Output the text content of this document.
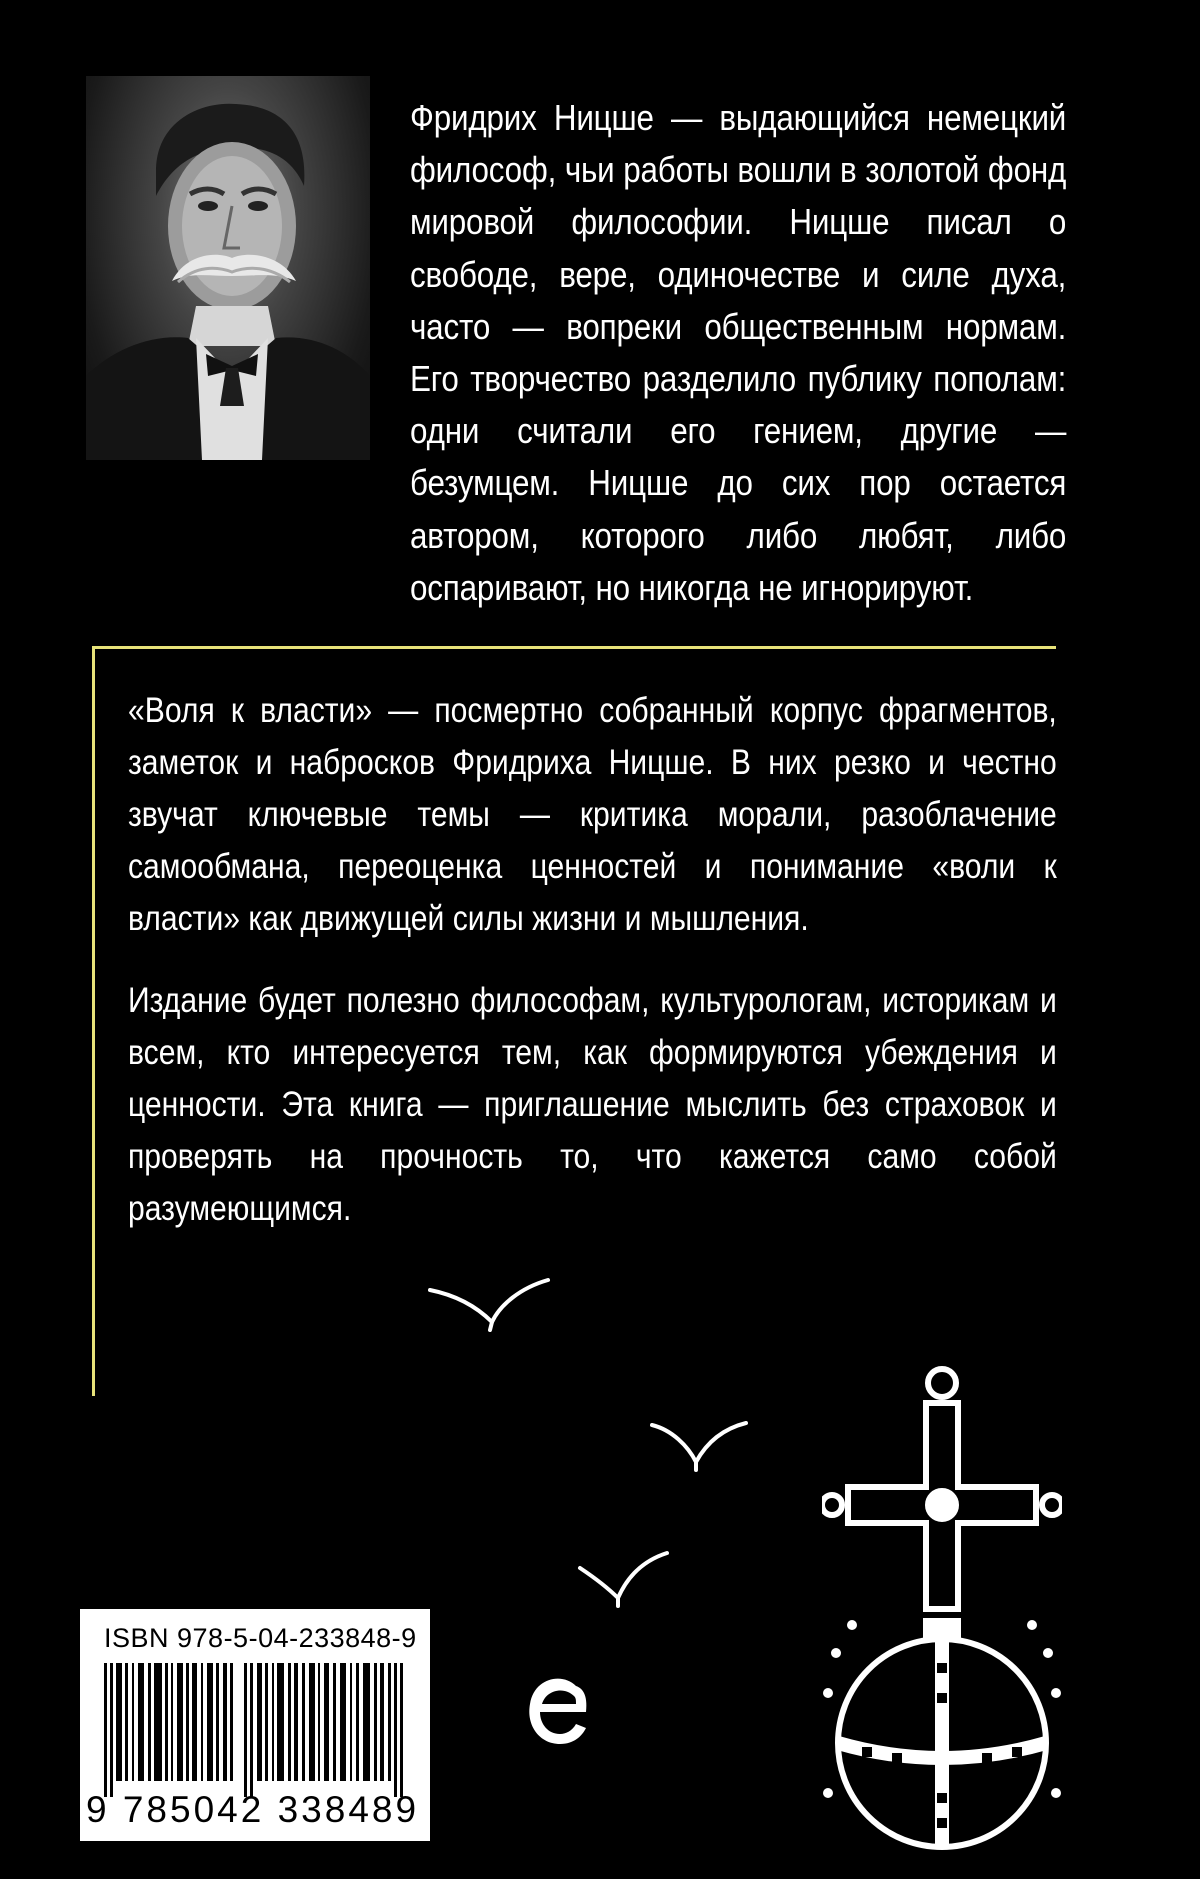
Фридрих Ницше — выдающийся немецкий философ, чьи работы вошли в золотой фонд мировой философии. Ницше писал о свободе, вере, одиночестве и силе духа, часто — вопреки общественным нормам. Его творчество разделило публику пополам: одни считали его гением, другие — безумцем. Ницше до сих пор остается автором, которого либо любят, либо оспаривают, но никогда не игнорируют.

«Воля к власти» — посмертно собранный корпус фрагментов, заметок и набросков Фридриха Ницше. В них резко и честно звучат ключевые темы — критика морали, разоблачение самообмана, переоценка ценностей и понимание «воли к власти» как движущей силы жизни и мышления.

Издание будет полезно философам, культурологам, историкам и всем, кто интересуется тем, как формируются убеждения и ценности. Эта книга — приглашение мыслить без страховок и проверять на прочность то, что кажется само собой разумеющимся.

ISBN 978-5-04-233848-9
9 785042 338489 >
